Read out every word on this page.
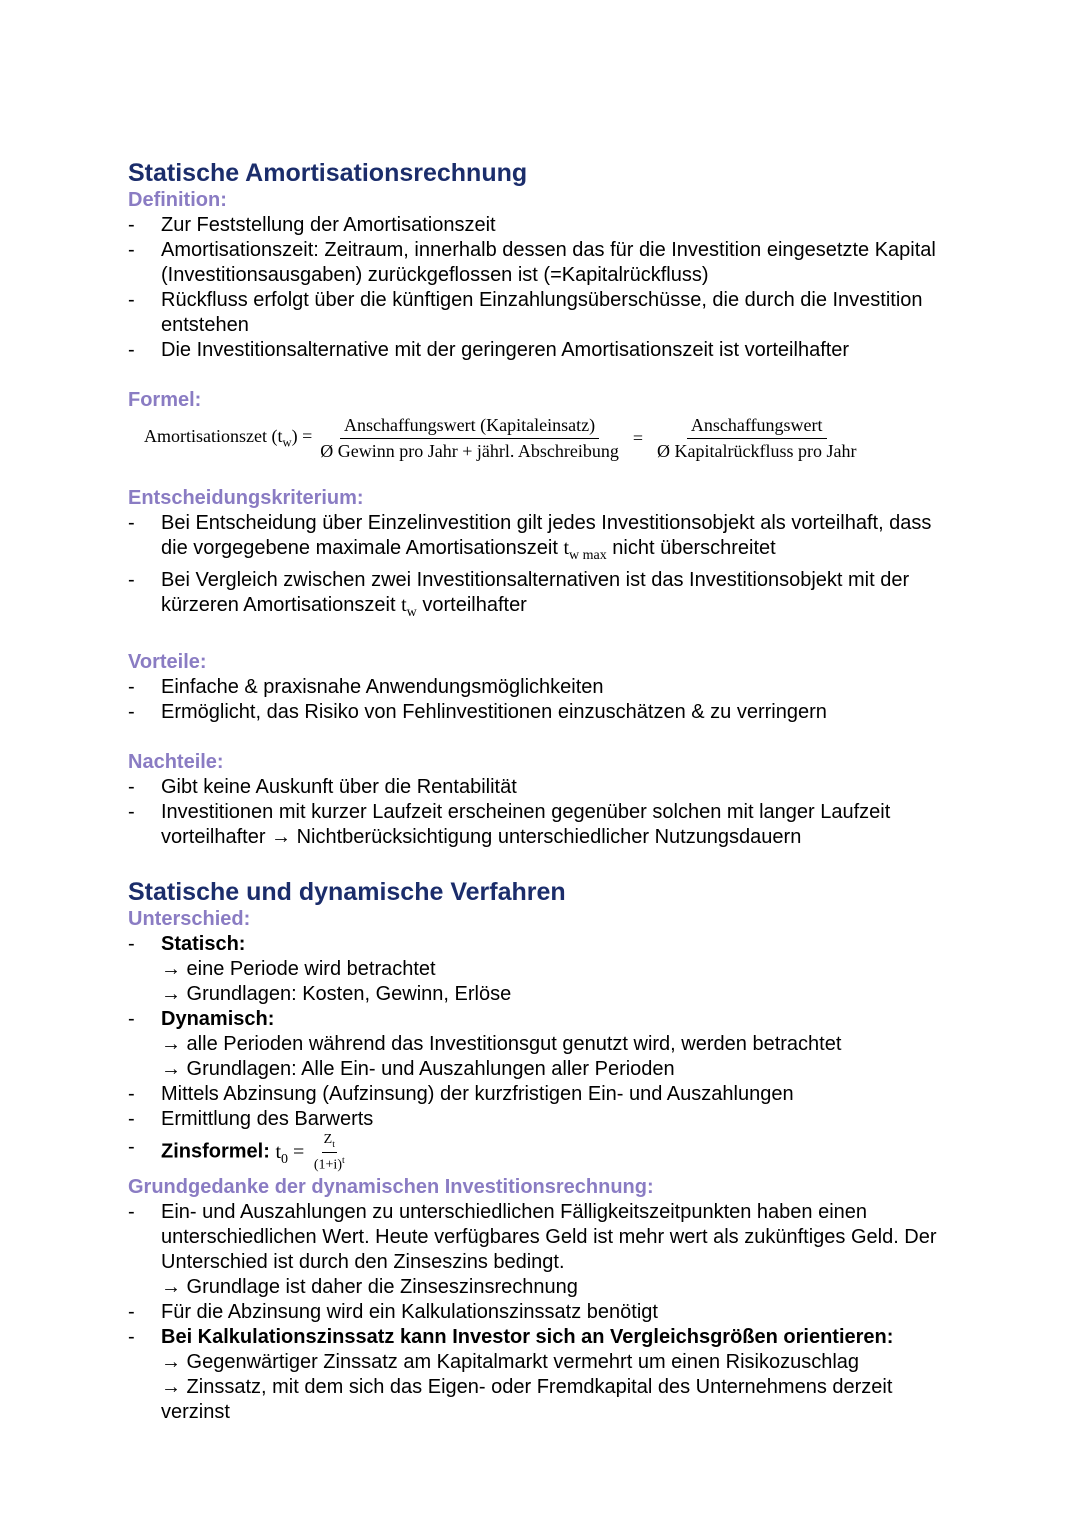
Statische Amortisationsrechnung
Definition:
- Zur Feststellung der Amortisationszeit
- Amortisationszeit: Zeitraum, innerhalb dessen das für die Investition eingesetzte Kapital (Investitionsausgaben) zurückgeflossen ist (=Kapitalrückfluss)
- Rückfluss erfolgt über die künftigen Einzahlungsüberschüsse, die durch die Investition entstehen
- Die Investitionsalternative mit der geringeren Amortisationszeit ist vorteilhafter
Formel:
Amortisationszet $(t_w) = \frac{\text{Anschaffungswert (Kapitaleinsatz)}}{\text{Ø Gewinn pro Jahr + jährl. Abschreibung}} = \frac{\text{Anschaffungswert}}{\text{Ø Kapitalrückfluss pro Jahr}}$
Entscheidungskriterium:
- Bei Entscheidung über Einzelinvestition gilt jedes Investitionsobjekt als vorteilhaft, dass die vorgegebene maximale Amortisationszeit $t_{w max}$ nicht überschreitet
- Bei Vergleich zwischen zwei Investitionsalternativen ist das Investitionsobjekt mit der kürzeren Amortisationszeit $t_w$ vorteilhafter
Vorteile:
- Einfache & praxisnahe Anwendungsmöglichkeiten
- Ermöglicht, das Risiko von Fehlinvestitionen einzuschätzen & zu verringern
Nachteile:
- Gibt keine Auskunft über die Rentabilität
- Investitionen mit kurzer Laufzeit erscheinen gegenüber solchen mit langer Laufzeit vorteilhafter → Nichtberücksichtigung unterschiedlicher Nutzungsdauern
Statische und dynamische Verfahren
Unterschied:
- Statisch:
→ eine Periode wird betrachtet
→ Grundlagen: Kosten, Gewinn, Erlöse
- Dynamisch:
→ alle Perioden während das Investitionsgut genutzt wird, werden betrachtet
→ Grundlagen: Alle Ein- und Auszahlungen aller Perioden
- Mittels Abzinsung (Aufzinsung) der kurzfristigen Ein- und Auszahlungen
- Ermittlung des Barwerts
- Zinsformel: $t_0 = \frac{Z_t}{(1+i)^t}$
Grundgedanke der dynamischen Investitionsrechnung:
- Ein- und Auszahlungen zu unterschiedlichen Fälligkeitszeitpunkten haben einen unterschiedlichen Wert. Heute verfügbares Geld ist mehr wert als zukünftiges Geld. Der Unterschied ist durch den Zinseszins bedingt.
→ Grundlage ist daher die Zinseszinsrechnung
- Für die Abzinsung wird ein Kalkulationszinssatz benötigt
- Bei Kalkulationszinssatz kann Investor sich an Vergleichsgrößen orientieren:
→ Gegenwärtiger Zinssatz am Kapitalmarkt vermehrt um einen Risikozuschlag
→ Zinssatz, mit dem sich das Eigen- oder Fremdkapital des Unternehmens derzeit verzinst
